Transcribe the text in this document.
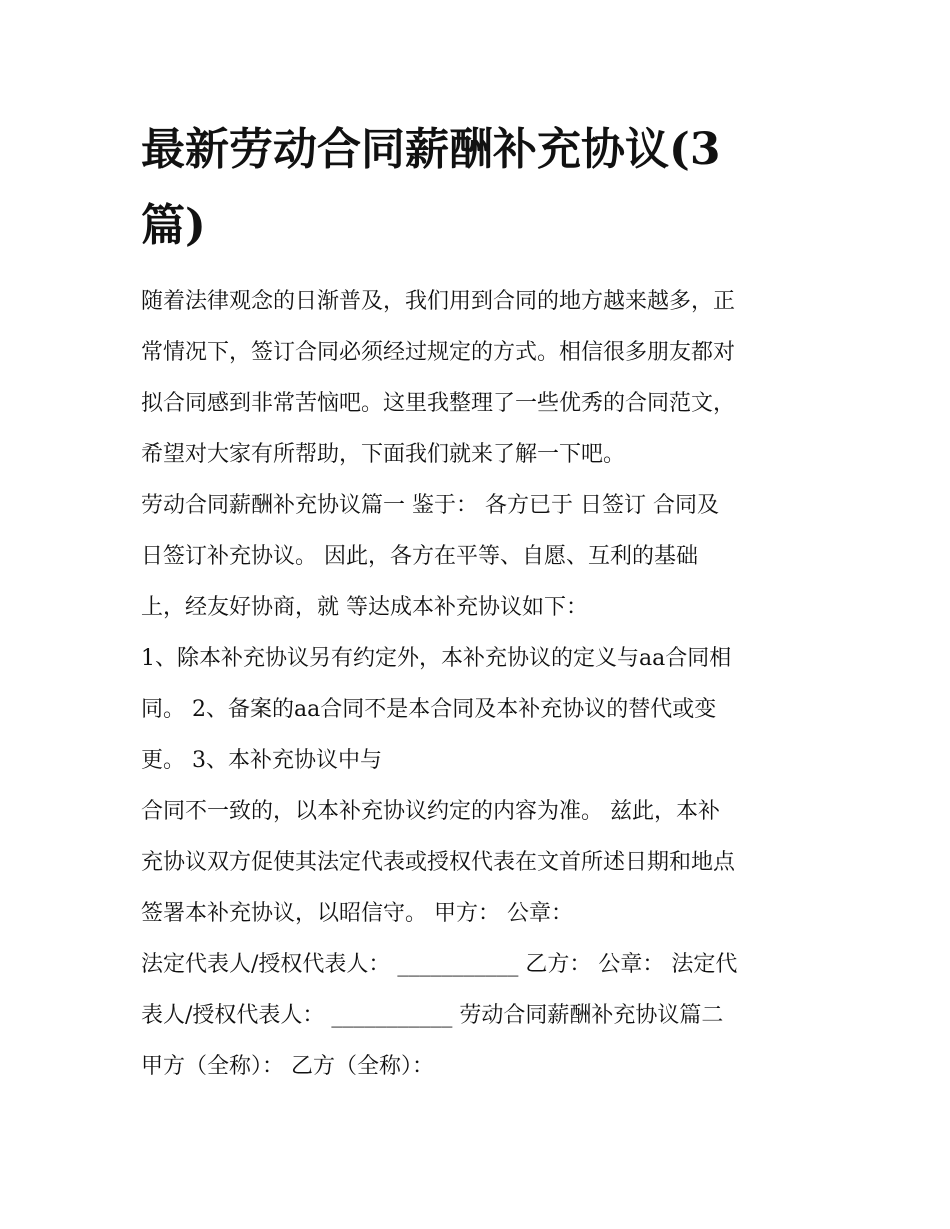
最新劳动合同薪酬补充协议(3
篇)
随着法律观念的日渐普及，我们用到合同的地方越来越多，正
常情况下，签订合同必须经过规定的方式。相信很多朋友都对
拟合同感到非常苦恼吧。这里我整理了一些优秀的合同范文，
希望对大家有所帮助，下面我们就来了解一下吧。
劳动合同薪酬补充协议篇一 鉴于： 各方已于 日签订 合同及
日签订补充协议。 因此，各方在平等、自愿、互利的基础
上，经友好协商，就 等达成本补充协议如下：
1、除本补充协议另有约定外，本补充协议的定义与aa合同相
同。 2、备案的aa合同不是本合同及本补充协议的替代或变
更。 3、本补充协议中与
合同不一致的，以本补充协议约定的内容为准。 兹此，本补
充协议双方促使其法定代表或授权代表在文首所述日期和地点
签署本补充协议，以昭信守。 甲方： 公章：
法定代表人/授权代表人： ___________ 乙方： 公章： 法定代
表人/授权代表人： ___________ 劳动合同薪酬补充协议篇二
甲方（全称）： 乙方（全称）：
